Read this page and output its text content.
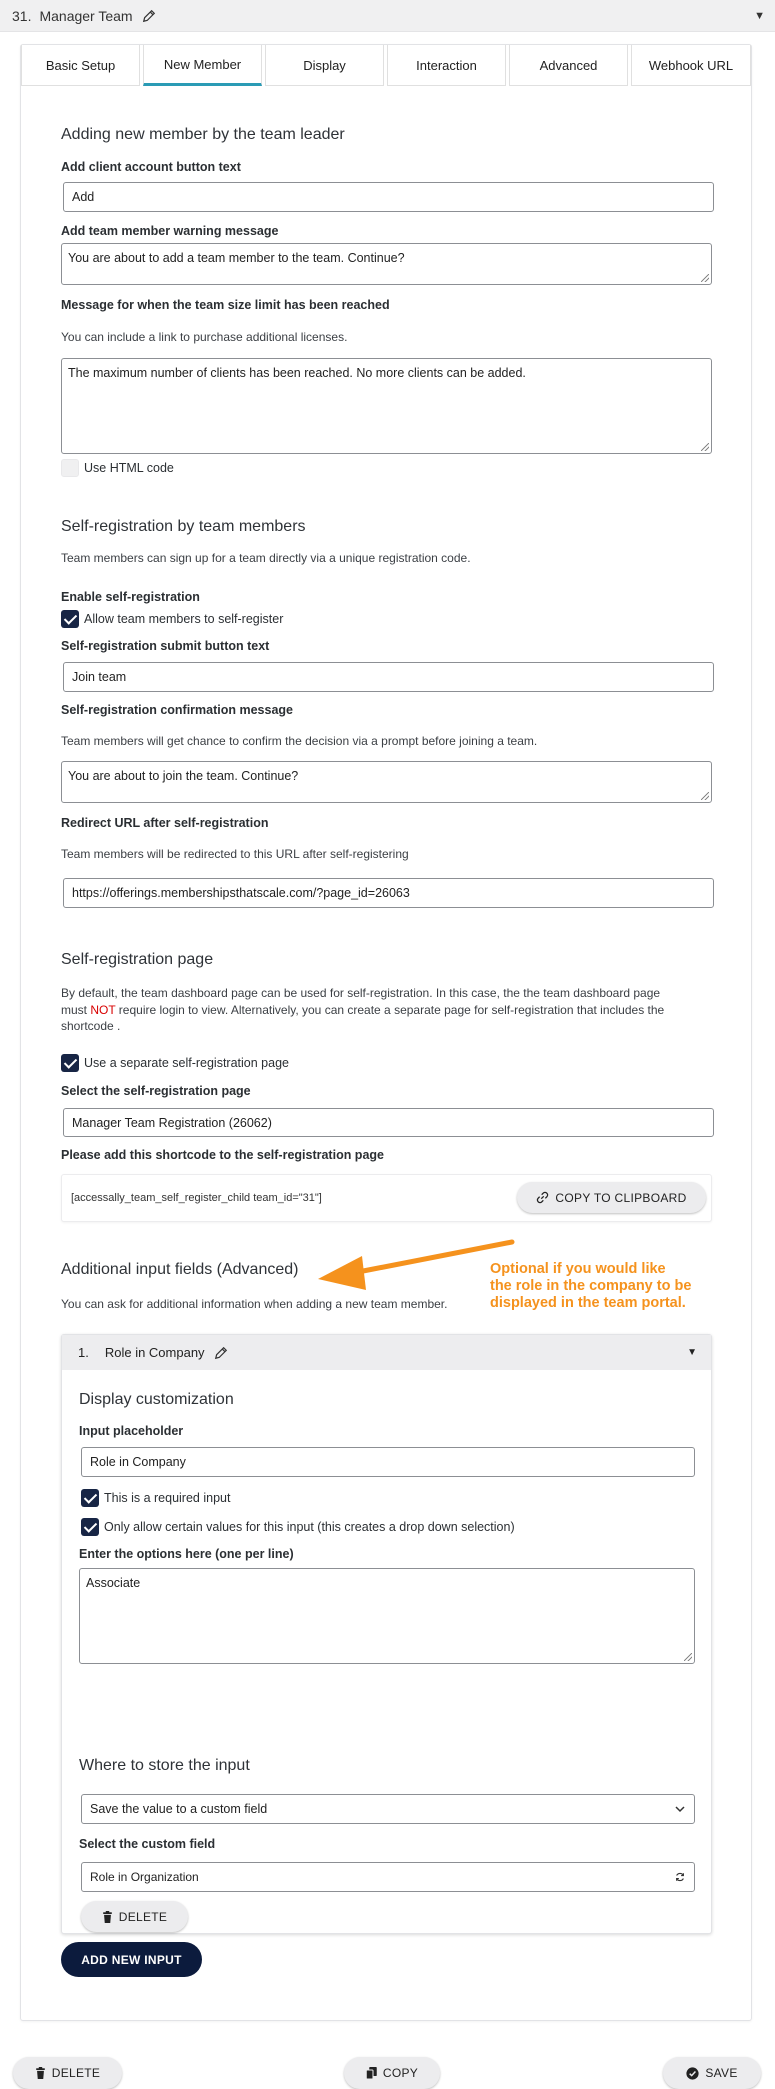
31. Manager Team	▼
Basic Setup	New Member	Display	Interaction	Advanced	Webhook URL
Adding new member by the team leader
Add client account button text
Add
Add team member warning message
You are about to add a team member to the team. Continue?
Message for when the team size limit has been reached
You can include a link to purchase additional licenses.
The maximum number of clients has been reached. No more clients can be added.
Use HTML code
Self-registration by team members
Team members can sign up for a team directly via a unique registration code.
Enable self-registration
Allow team members to self-register
Self-registration submit button text
Join team
Self-registration confirmation message
Team members will get chance to confirm the decision via a prompt before joining a team.
You are about to join the team. Continue?
Redirect URL after self-registration
Team members will be redirected to this URL after self-registering
https://offerings.membershipsthatscale.com/?page_id=26063
Self-registration page
By default, the team dashboard page can be used for self-registration. In this case, the the team dashboard page
must NOT require login to view. Alternatively, you can create a separate page for self-registration that includes the
shortcode .
Use a separate self-registration page
Select the self-registration page
Manager Team Registration (26062)
Please add this shortcode to the self-registration page
[accessally_team_self_register_child team_id="31"]	COPY TO CLIPBOARD
Additional input fields (Advanced)
You can ask for additional information when adding a new team member.
1. Role in Company	▼
Display customization
Input placeholder
Role in Company
This is a required input
Only allow certain values for this input (this creates a drop down selection)
Enter the options here (one per line)
Associate
Where to store the input
Save the value to a custom field
Select the custom field
Role in Organization
DELETE
ADD NEW INPUT
Optional if you would like
the role in the company to be
displayed in the team portal.
DELETE	COPY	SAVE
